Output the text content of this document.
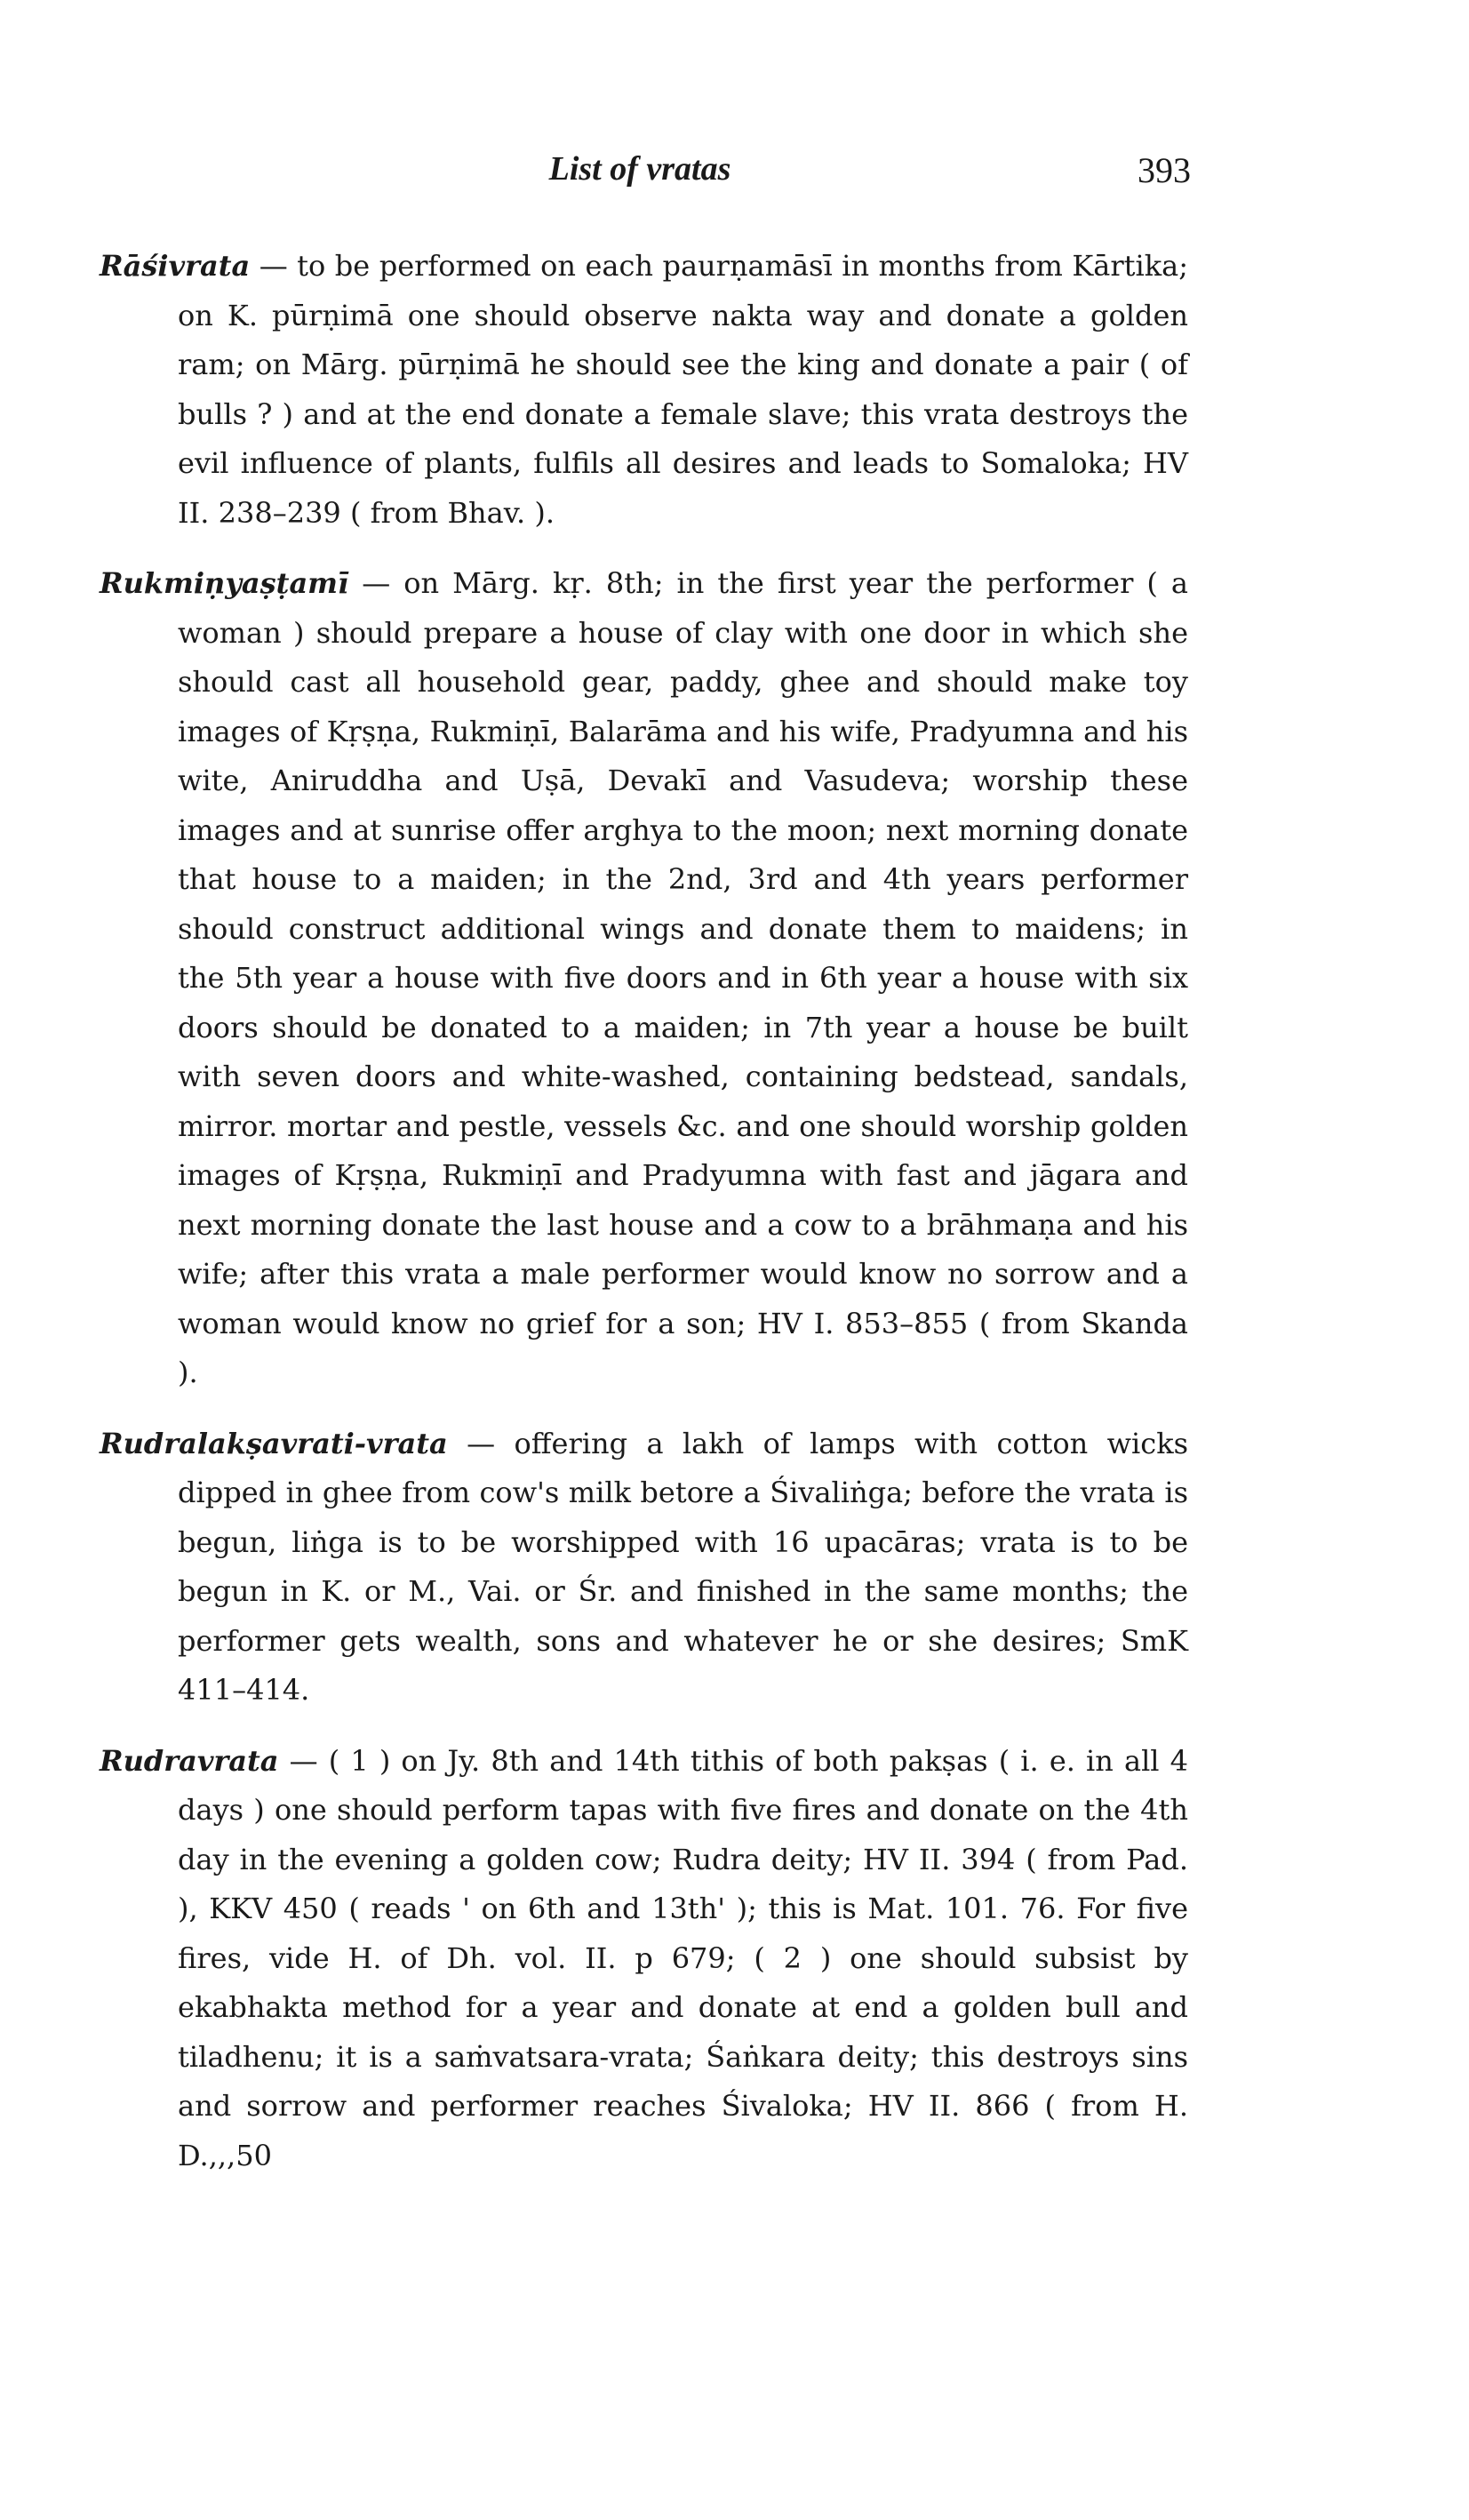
List of vratas	393

Rāśivrata — to be performed on each paurṇamāsī in months from Kārtika; on K. pūrṇimā one should observe nakta way and donate a golden ram; on Mārg. pūrṇimā he should see the king and donate a pair ( of bulls ? ) and at the end donate a female slave; this vrata destroys the evil influence of plants, fulfils all desires and leads to Somaloka; HV II. 238–239 ( from Bhav. ).

Rukmiṇyaṣṭamī — on Mārg. kṛ. 8th; in the first year the performer ( a woman ) should prepare a house of clay with one door in which she should cast all household gear, paddy, ghee and should make toy images of Kṛṣṇa, Rukmiṇī, Balarāma and his wife, Pradyumna and his wite, Aniruddha and Uṣā, Devakī and Vasudeva; worship these images and at sunrise offer arghya to the moon; next morning donate that house to a maiden; in the 2nd, 3rd and 4th years performer should construct additional wings and donate them to maidens; in the 5th year a house with five doors and in 6th year a house with six doors should be donated to a maiden; in 7th year a house be built with seven doors and white-washed, containing bedstead, sandals, mirror. mortar and pestle, vessels &c. and one should worship golden images of Kṛṣṇa, Rukmiṇī and Pradyumna with fast and jāgara and next morning donate the last house and a cow to a brāhmaṇa and his wife; after this vrata a male performer would know no sorrow and a woman would know no grief for a son; HV I. 853–855 ( from Skanda ).

Rudralakṣavrati-vrata — offering a lakh of lamps with cotton wicks dipped in ghee from cow's milk betore a Śivaliṅga; before the vrata is begun, liṅga is to be worshipped with 16 upacāras; vrata is to be begun in K. or M., Vai. or Śr. and finished in the same months; the performer gets wealth, sons and whatever he or she desires; SmK 411–414.

Rudravrata — ( 1 ) on Jy. 8th and 14th tithis of both pakṣas ( i. e. in all 4 days ) one should perform tapas with five fires and donate on the 4th day in the evening a golden cow; Rudra deity; HV II. 394 ( from Pad. ), KKV 450 ( reads ' on 6th and 13th' ); this is Mat. 101. 76. For five fires, vide H. of Dh. vol. II. p 679; ( 2 ) one should subsist by ekabhakta method for a year and donate at end a golden bull and tiladhenu; it is a saṁvatsara-vrata; Śaṅkara deity; this destroys sins and sorrow and performer reaches Śivaloka; HV II. 866 ( from H. D.,,,50
